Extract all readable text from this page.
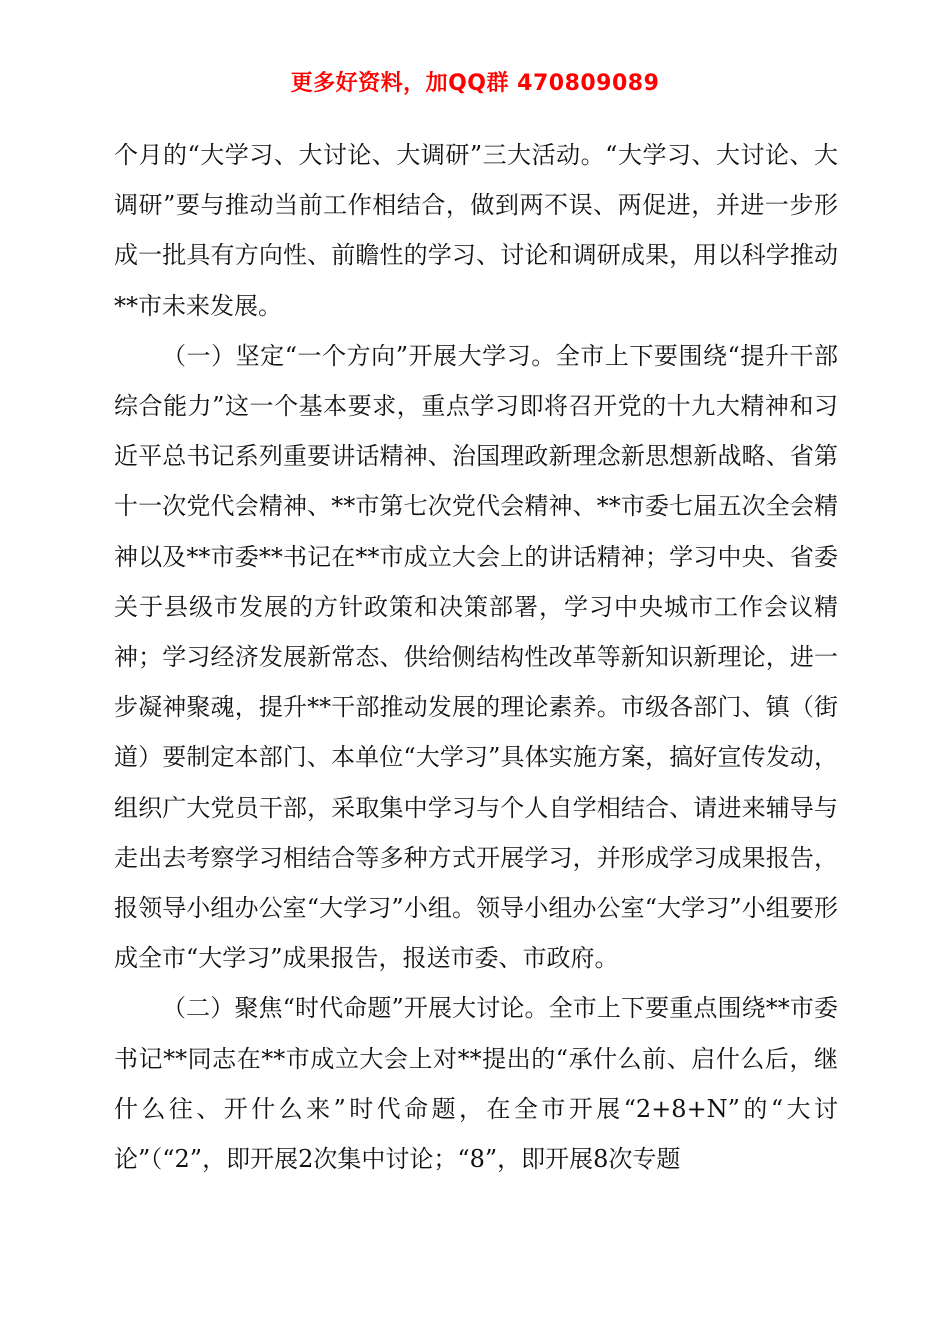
更多好资料，加QQ群 470809089

个月的“大学习、大讨论、大调研”三大活动。“大学习、大讨论、大调研”要与推动当前工作相结合，做到两不误、两促进，并进一步形成一批具有方向性、前瞻性的学习、讨论和调研成果，用以科学推动**市未来发展。

（一）坚定“一个方向”开展大学习。全市上下要围绕“提升干部综合能力”这一个基本要求，重点学习即将召开党的十九大精神和习近平总书记系列重要讲话精神、治国理政新理念新思想新战略、省第十一次党代会精神、**市第七次党代会精神、**市委七届五次全会精神以及**市委**书记在**市成立大会上的讲话精神；学习中央、省委关于县级市发展的方针政策和决策部署，学习中央城市工作会议精神；学习经济发展新常态、供给侧结构性改革等新知识新理论，进一步凝神聚魂，提升**干部推动发展的理论素养。市级各部门、镇（街道）要制定本部门、本单位“大学习”具体实施方案，搞好宣传发动，组织广大党员干部，采取集中学习与个人自学相结合、请进来辅导与走出去考察学习相结合等多种方式开展学习，并形成学习成果报告，报领导小组办公室“大学习”小组。领导小组办公室“大学习”小组要形成全市“大学习”成果报告，报送市委、市政府。

（二）聚焦“时代命题”开展大讨论。全市上下要重点围绕**市委书记**同志在**市成立大会上对**提出的“承什么前、启什么后，继什么往、开什么来”时代命题，在全市开展“2+8+N”的“大讨论”（“2”，即开展2次集中讨论；“8”，即开展8次专题
